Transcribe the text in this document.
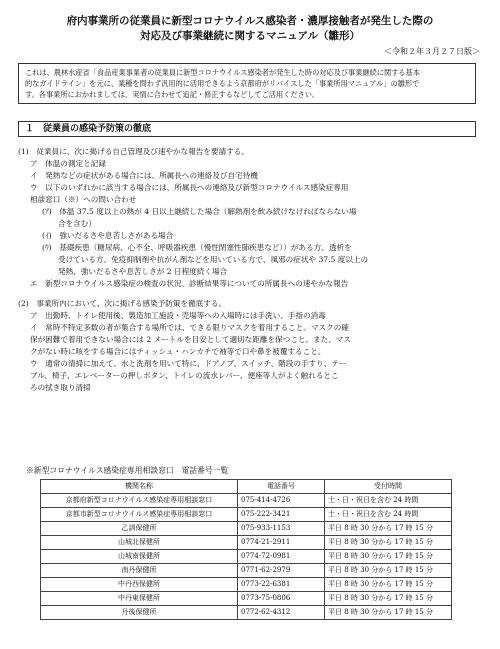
府内事業所の従業員に新型コロナウイルス感染者・濃厚接触者が発生した際の
対応及び事業継続に関するマニュアル（雛形）
＜令和２年３月２７日版＞
これは、農林水産省「食品産業事業者の従業員に新型コロナウイルス感染者が発生した時の対応及び事業継続に関する基本
的なガイドライン」を元に、業種を問わず汎用的に活用できるよう京都府がリバイスした「事業所用マニュアル」の雛形で
す。各事業所におかれましては、実情に合わせて追記・修正するなどしてご活用ください。
１　従業員の感染予防策の徹底
(1)　従業員に、次に掲げる自己管理及び速やかな報告を要請する。
ア　体温の測定と記録
イ　発熱などの症状がある場合には、所属長への連絡及び自宅待機
ウ　以下のいずれかに該当する場合には、所属長への連絡及び新型コロナウイルス感染症専用
相談窓口（※）への問い合わせ
(ｱ)　体温 37.5 度以上の熱が 4 日以上継続した場合（解熱剤を飲み続けなければならない場
合を含む）
(ｲ)　強いだるさや息苦しさがある場合
(ｳ)　基礎疾患（糖尿病、心不全、呼吸器疾患（慢性閉塞性肺疾患など））がある方、透析を
受けている方、免疫抑制剤や抗がん剤などを用いている方で、風邪の症状や 37.5 度以上の
発熱、強いだるさや息苦しさが 2 日程度続く場合
エ　新型コロナウイルス感染症の検査の状況、診断結果等についての所属長への速やかな報告
(2)　事業所内において、次に掲げる感染予防策を徹底する。
ア　出勤時、トイレ使用後、製造加工施設・売場等への入場時には手洗い、手指の消毒
イ　常時不特定多数の者が集合する場所では、できる限りマスクを着用すること。マスクの確
保が困難で着用できない場合には 2 メートルを目安として適切な距離を保つこと。また、マス
クがない時に咳をする場合にはティッシュ・ハンカチで袖等で口や鼻を被覆すること。
ウ　通常の清掃に加えて、水と洗剤を用いて特に、ドアノブ、スイッチ、階段の手すり、テー
ブル、椅子、エレベーターの押しボタン、トイレの流水レバー、便座等人がよく触れるとこ
ろの拭き取り清掃
※新型コロナウイルス感染症専用相談窓口　電話番号一覧
機関名称	電話番号	受付時間
京都府新型コロナウイルス感染症専用相談窓口	075-414-4726	土・日・祝日を含む 24 時間
京都市新型コロナウイルス感染症専用相談窓口	075-222-3421	土・日・祝日を含む 24 時間
乙訓保健所	075-933-1153	平日 8 時 30 分から 17 時 15 分
山城北保健所	0774-21-2911	平日 8 時 30 分から 17 時 15 分
山城南保健所	0774-72-0981	平日 8 時 30 分から 17 時 15 分
南丹保健所	0771-62-2979	平日 8 時 30 分から 17 時 15 分
中丹西保健所	0773-22-6381	平日 8 時 30 分から 17 時 15 分
中丹東保健所	0773-75-0806	平日 8 時 30 分から 17 時 15 分
丹後保健所	0772-62-4312	平日 8 時 30 分から 17 時 15 分
